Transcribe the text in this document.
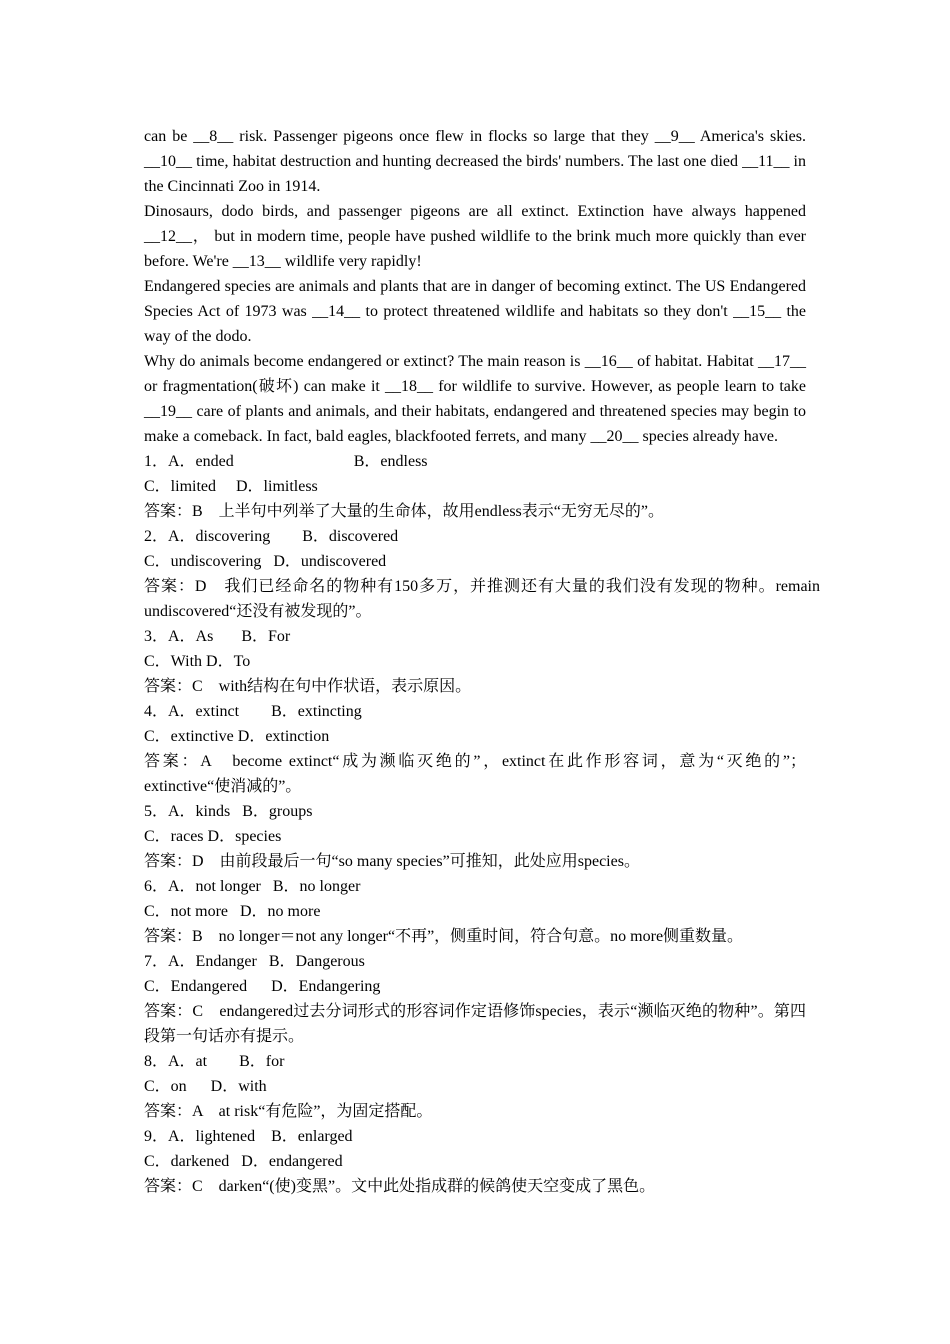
can be __8__ risk. Passenger pigeons once flew in flocks so large that they __9__ America's skies. __10__ time, habitat destruction and hunting decreased the birds' numbers. The last one died __11__ in the Cincinnati Zoo in 1914.

Dinosaurs, dodo birds, and passenger pigeons are all extinct. Extinction have always happened __12__， but in modern time, people have pushed wildlife to the brink much more quickly than ever before. We're __13__ wildlife very rapidly!

Endangered species are animals and plants that are in danger of becoming extinct. The US Endangered Species Act of 1973 was __14__ to protect threatened wildlife and habitats so they don't __15__ the way of the dodo.

Why do animals become endangered or extinct? The main reason is __16__ of habitat. Habitat __17__ or fragmentation(破坏) can make it __18__ for wildlife to survive. However, as people learn to take __19__ care of plants and animals, and their habitats, endangered and threatened species may begin to make a comeback. In fact, bald eagles, blackfooted ferrets, and many __20__ species already have.

1．A．ended                              B．endless

C．limited     D．limitless

答案：B　上半句中列举了大量的生命体，故用endless表示“无穷无尽的”。

2．A．discovering        B．discovered

C．undiscovering   D．undiscovered

答案：D　我们已经命名的物种有150多万，并推测还有大量的我们没有发现的物种。remain undiscovered“还没有被发现的”。

3．A．As       B．For

C．With D．To

答案：C　with结构在句中作状语，表示原因。

4．A．extinct        B．extincting

C．extinctive D．extinction

答案：A　become extinct“成为濒临灭绝的”，extinct在此作形容词，意为“灭绝的”；extinctive“使消减的”。

5．A．kinds   B．groups

C．races D．species

答案：D　由前段最后一句“so many species”可推知，此处应用species。

6．A．not longer   B．no longer

C．not more   D．no more

答案：B　no longer＝not any longer“不再”，侧重时间，符合句意。no more侧重数量。

7．A．Endanger   B．Dangerous

C．Endangered      D．Endangering

答案：C　endangered过去分词形式的形容词作定语修饰species，表示“濒临灭绝的物种”。第四段第一句话亦有提示。

8．A．at        B．for

C．on      D．with

答案：A　at risk“有危险”，为固定搭配。

9．A．lightened    B．enlarged

C．darkened   D．endangered

答案：C　darken“(使)变黑”。文中此处指成群的候鸽使天空变成了黑色。
